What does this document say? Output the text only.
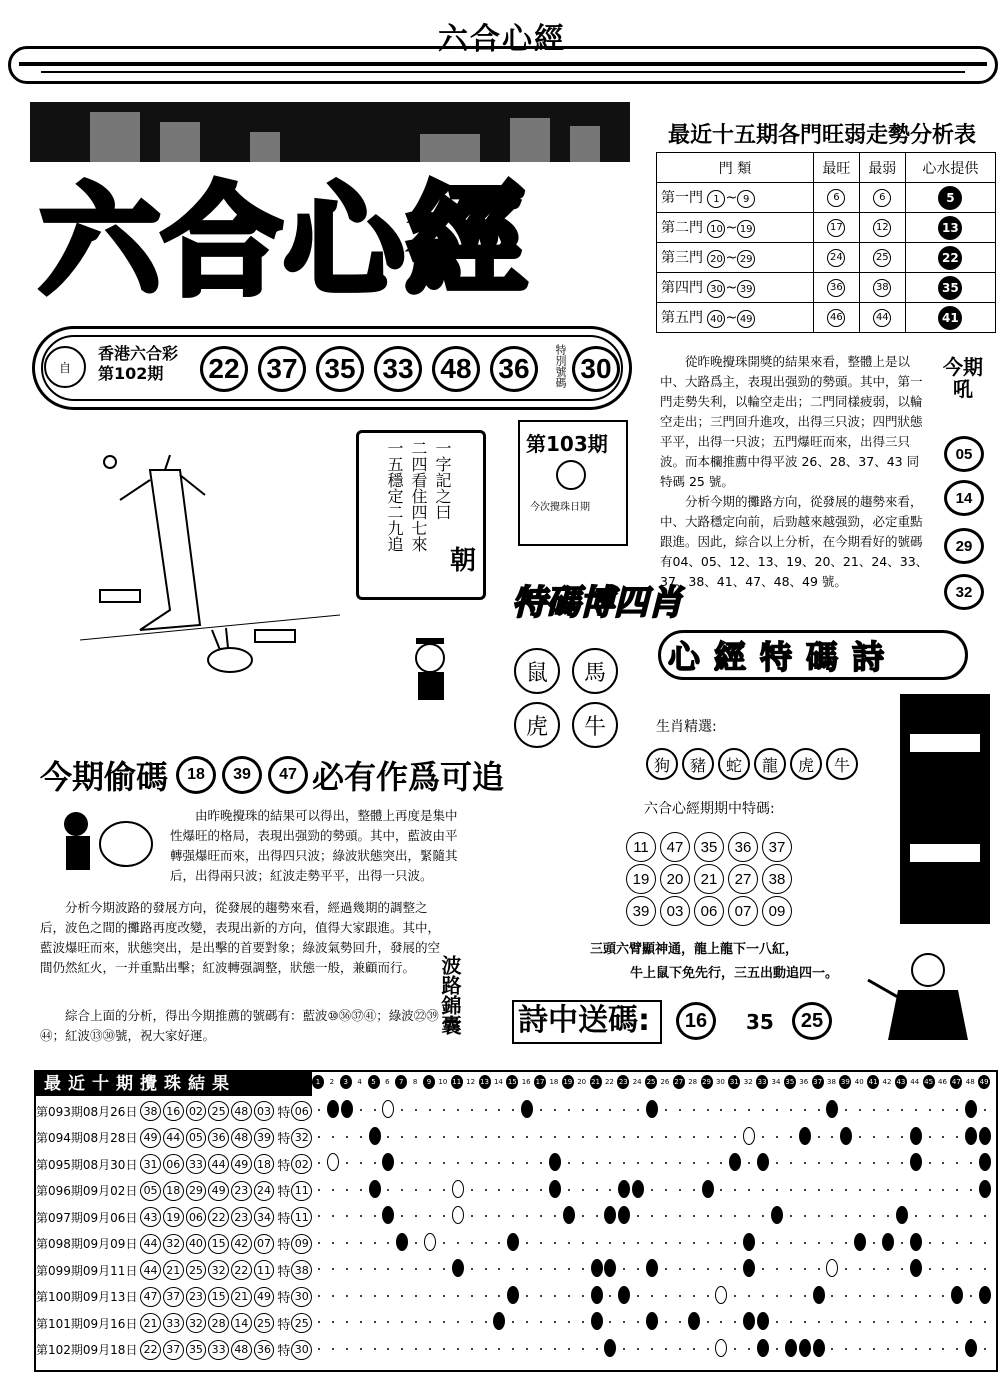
六合心經
六合心經
自
香港六合彩
第102期	22 37 35 33 48 36	特別號碼 30
最近十五期各門旺弱走勢分析表
門 類	最旺	最弱	心水提供
第一門 1 ~ 9	6	6	5
第二門 10 ~ 19	17	12	13
第三門 20 ~ 29	24	25	22
第四門 30 ~ 39	36	38	35
第五門 40 ~ 49	46	44	41

從昨晚攪珠開獎的結果來看，整體上是以中、大路爲主，表現出强勁的勢頭。其中，第一門走勢失利，以輪空走出；二門同樣疲弱，以輪空走出；三門回升進攻，出得三只波；四門狀態平平，出得一只波；五門爆旺而來，出得三只波。而本欄推薦中得平波 26、28、37、43 同特碼 25 號。

分析今期的攤路方向，從發展的趨勢來看，中、大路穩定向前，后勁越來越强勁，必定重點跟進。因此，綜合以上分析，在今期看好的號碼有04、05、12、13、19、20、21、24、33、37、38、41、47、48、49 號。

今期吼
05
14
29
32
一字記之曰
二四看住四七來
一五穩定二九追
朝
第103期
今次攪珠日期
特碼博四肖
鼠	馬
虎	牛
心經特碼詩
生肖精選:
狗	豬	蛇	龍	虎	牛
六合心經期期中特碼:
11	47	35	36	37
19	20	21	27	38
39	03	06	07	09
三頭六臂顯神通，龍上龍下一八紅，
牛上鼠下免先行，三五出動追四一。
詩中送碼:	16	35	25
今期偷碼	18	39	47 必有作爲可追

由昨晚攪珠的結果可以得出，整體上再度是集中性爆旺的格局，表現出强勁的勢頭。其中，藍波由平轉强爆旺而來，出得四只波；綠波狀態突出，緊隨其后，出得兩只波；紅波走勢平平，出得一只波。

分析今期波路的發展方向，從發展的趨勢來看，經過幾期的調整之后，波色之間的攤路再度改變，表現出新的方向，值得大家跟進。其中，藍波爆旺而來，狀態突出，是出擊的首要對象；綠波氣勢回升，發展的空間仍然紅火，一并重點出擊；紅波轉强調整，狀態一般，兼顧而行。
綜合上面的分析，得出今期推薦的號碼有：藍波⑩㊱㊲㊶；綠波㉒㊴㊹；紅波⑬㉚號，祝大家好運。
波路錦囊
最近十期攪珠結果
第093期08月26日 38 16 02 25 48 03 特 06
第094期08月28日 49 44 05 36 48 39 特 32
第095期08月30日 31 06 33 44 49 18 特 02
第096期09月02日 05 18 29 49 23 24 特 11
第097期09月06日 43 19 06 22 23 34 特 11
第098期09月09日 44 32 40 15 42 07 特 09
第099期09月11日 44 21 25 32 22 11 特 38
第100期09月13日 47 37 23 15 21 49 特 30
第101期09月16日 21 33 32 28 14 25 特 25
第102期09月18日 22 37 35 33 48 36 特 30
1	2	3	4	5	6	7	8	9	10 11 12 13 14 15 16 17 18 19 20 21 22 23 24 25 26 27 28 29 30 31 32 33 34 35 36 37 38 39 40 41 42 43 44 45 46 47 48 49
